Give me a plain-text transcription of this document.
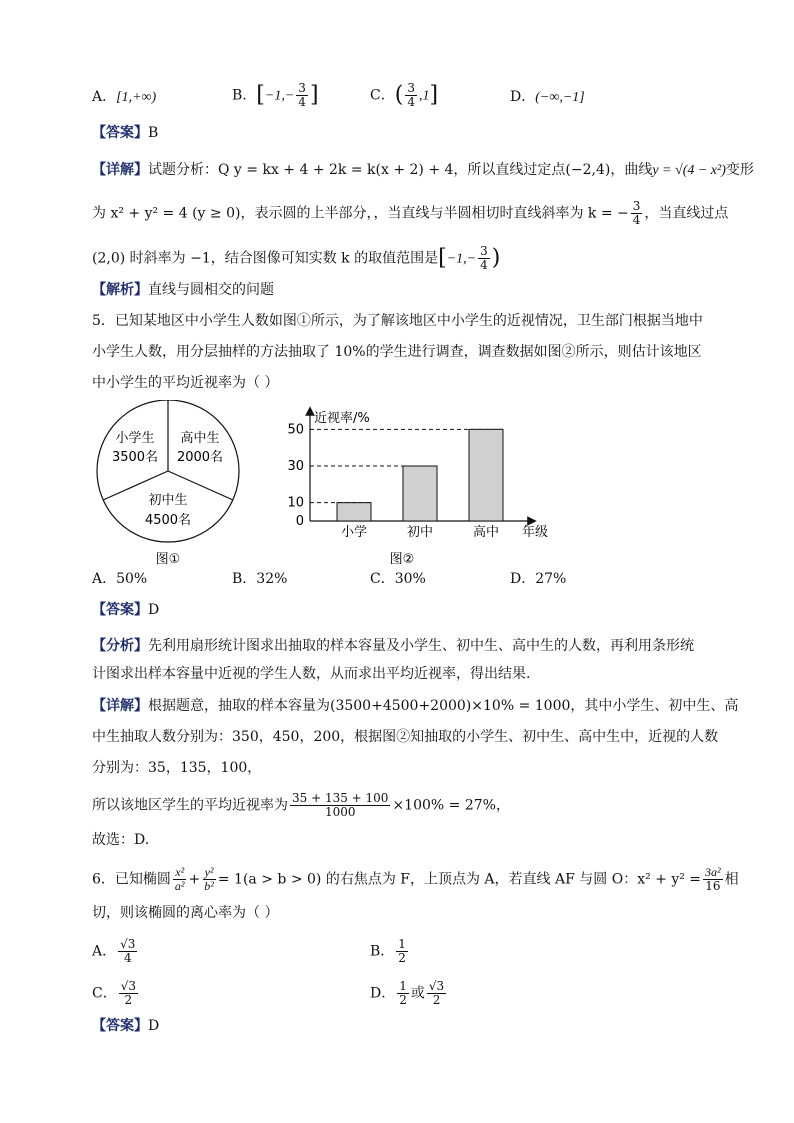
A．[1,+∞)	B．[$-1,- \frac{3}{4}$ ]	C．( $\frac{3}{4} ,1$]	D．(−∞,−1]
【答案】B
【详解】试题分析：Q y = kx + 4 + 2k = k(x + 2) + 4，所以直线过定点(−2,4)，曲线y = √(4 − x²)变形
为 x² + y² = 4 (y ≥ 0)，表示圆的上半部分，，当直线与半圆相切时直线斜率为 k = − $\frac{3}{4}$ ，当直线过点
(2,0) 时斜率为 −1，结合图像可知实数 k 的取值范围是[$-1,- \frac{3}{4}$ )
【解析】直线与圆相交的问题
5．已知某地区中小学生人数如图①所示，为了解该地区中小学生的近视情况，卫生部门根据当地中
小学生人数，用分层抽样的方法抽取了 10%的学生进行调查，调查数据如图②所示，则估计该地区
中小学生的平均近视率为（ ）
小学生
3500名
高中生
2000名
初中生
4500名
图①
近视率/%
年级
图②
0
10
30
50
小学	初中	高中
A．50%	B．32%	C．30%	D．27%
【答案】D
【分析】先利用扇形统计图求出抽取的样本容量及小学生、初中生、高中生的人数，再利用条形统
计图求出样本容量中近视的学生人数，从而求出平均近视率，得出结果.
【详解】根据题意，抽取的样本容量为(3500+4500+2000)×10% = 1000，其中小学生、初中生、高
中生抽取人数分别为：350，450，200，根据图②知抽取的小学生、初中生、高中生中，近视的人数
分别为：35，135，100，
所以该地区学生的平均近视率为 $\frac{35 + 135 + 100}{1000} \times 100\% = 27\%$，
故选：D.
6．已知椭圆 $\frac{\text{x²}}{\text{a²}} + \frac{\text{y²}}{\text{b²}} = 1(a > b > 0)$ 的右焦点为 F，上顶点为 A，若直线 AF 与圆 O：$x^2 + y^2 = \frac{\text{3a²}}{16}$ 相
切，则该椭圆的离心率为（ ）
A． $\frac{√3}{4}$	B． $\frac{1}{2}$
C． $\frac{√3}{2}$	D． $\frac{1}{2}$ 或 $\frac{√3}{2}$
【答案】D
